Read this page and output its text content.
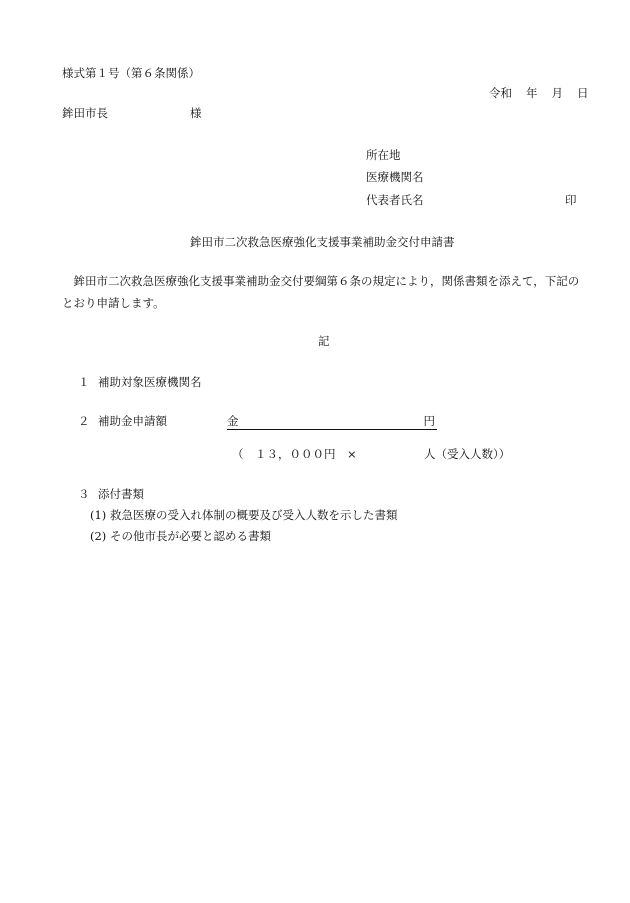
様式第１号（第６条関係）
令和 年 月 日
鉾田市長	様
所在地
医療機関名
代表者氏名	印
鉾田市二次救急医療強化支援事業補助金交付申請書
　鉾田市二次救急医療強化支援事業補助金交付要綱第６条の規定により，関係書類を添えて，下記のとおり申請します。
記
１ 補助対象医療機関名
２ 補助金申請額	金	円
（　１３，０００円　×	人（受入人数））
３ 添付書類
(1) 救急医療の受入れ体制の概要及び受入人数を示した書類
(2) その他市長が必要と認める書類
